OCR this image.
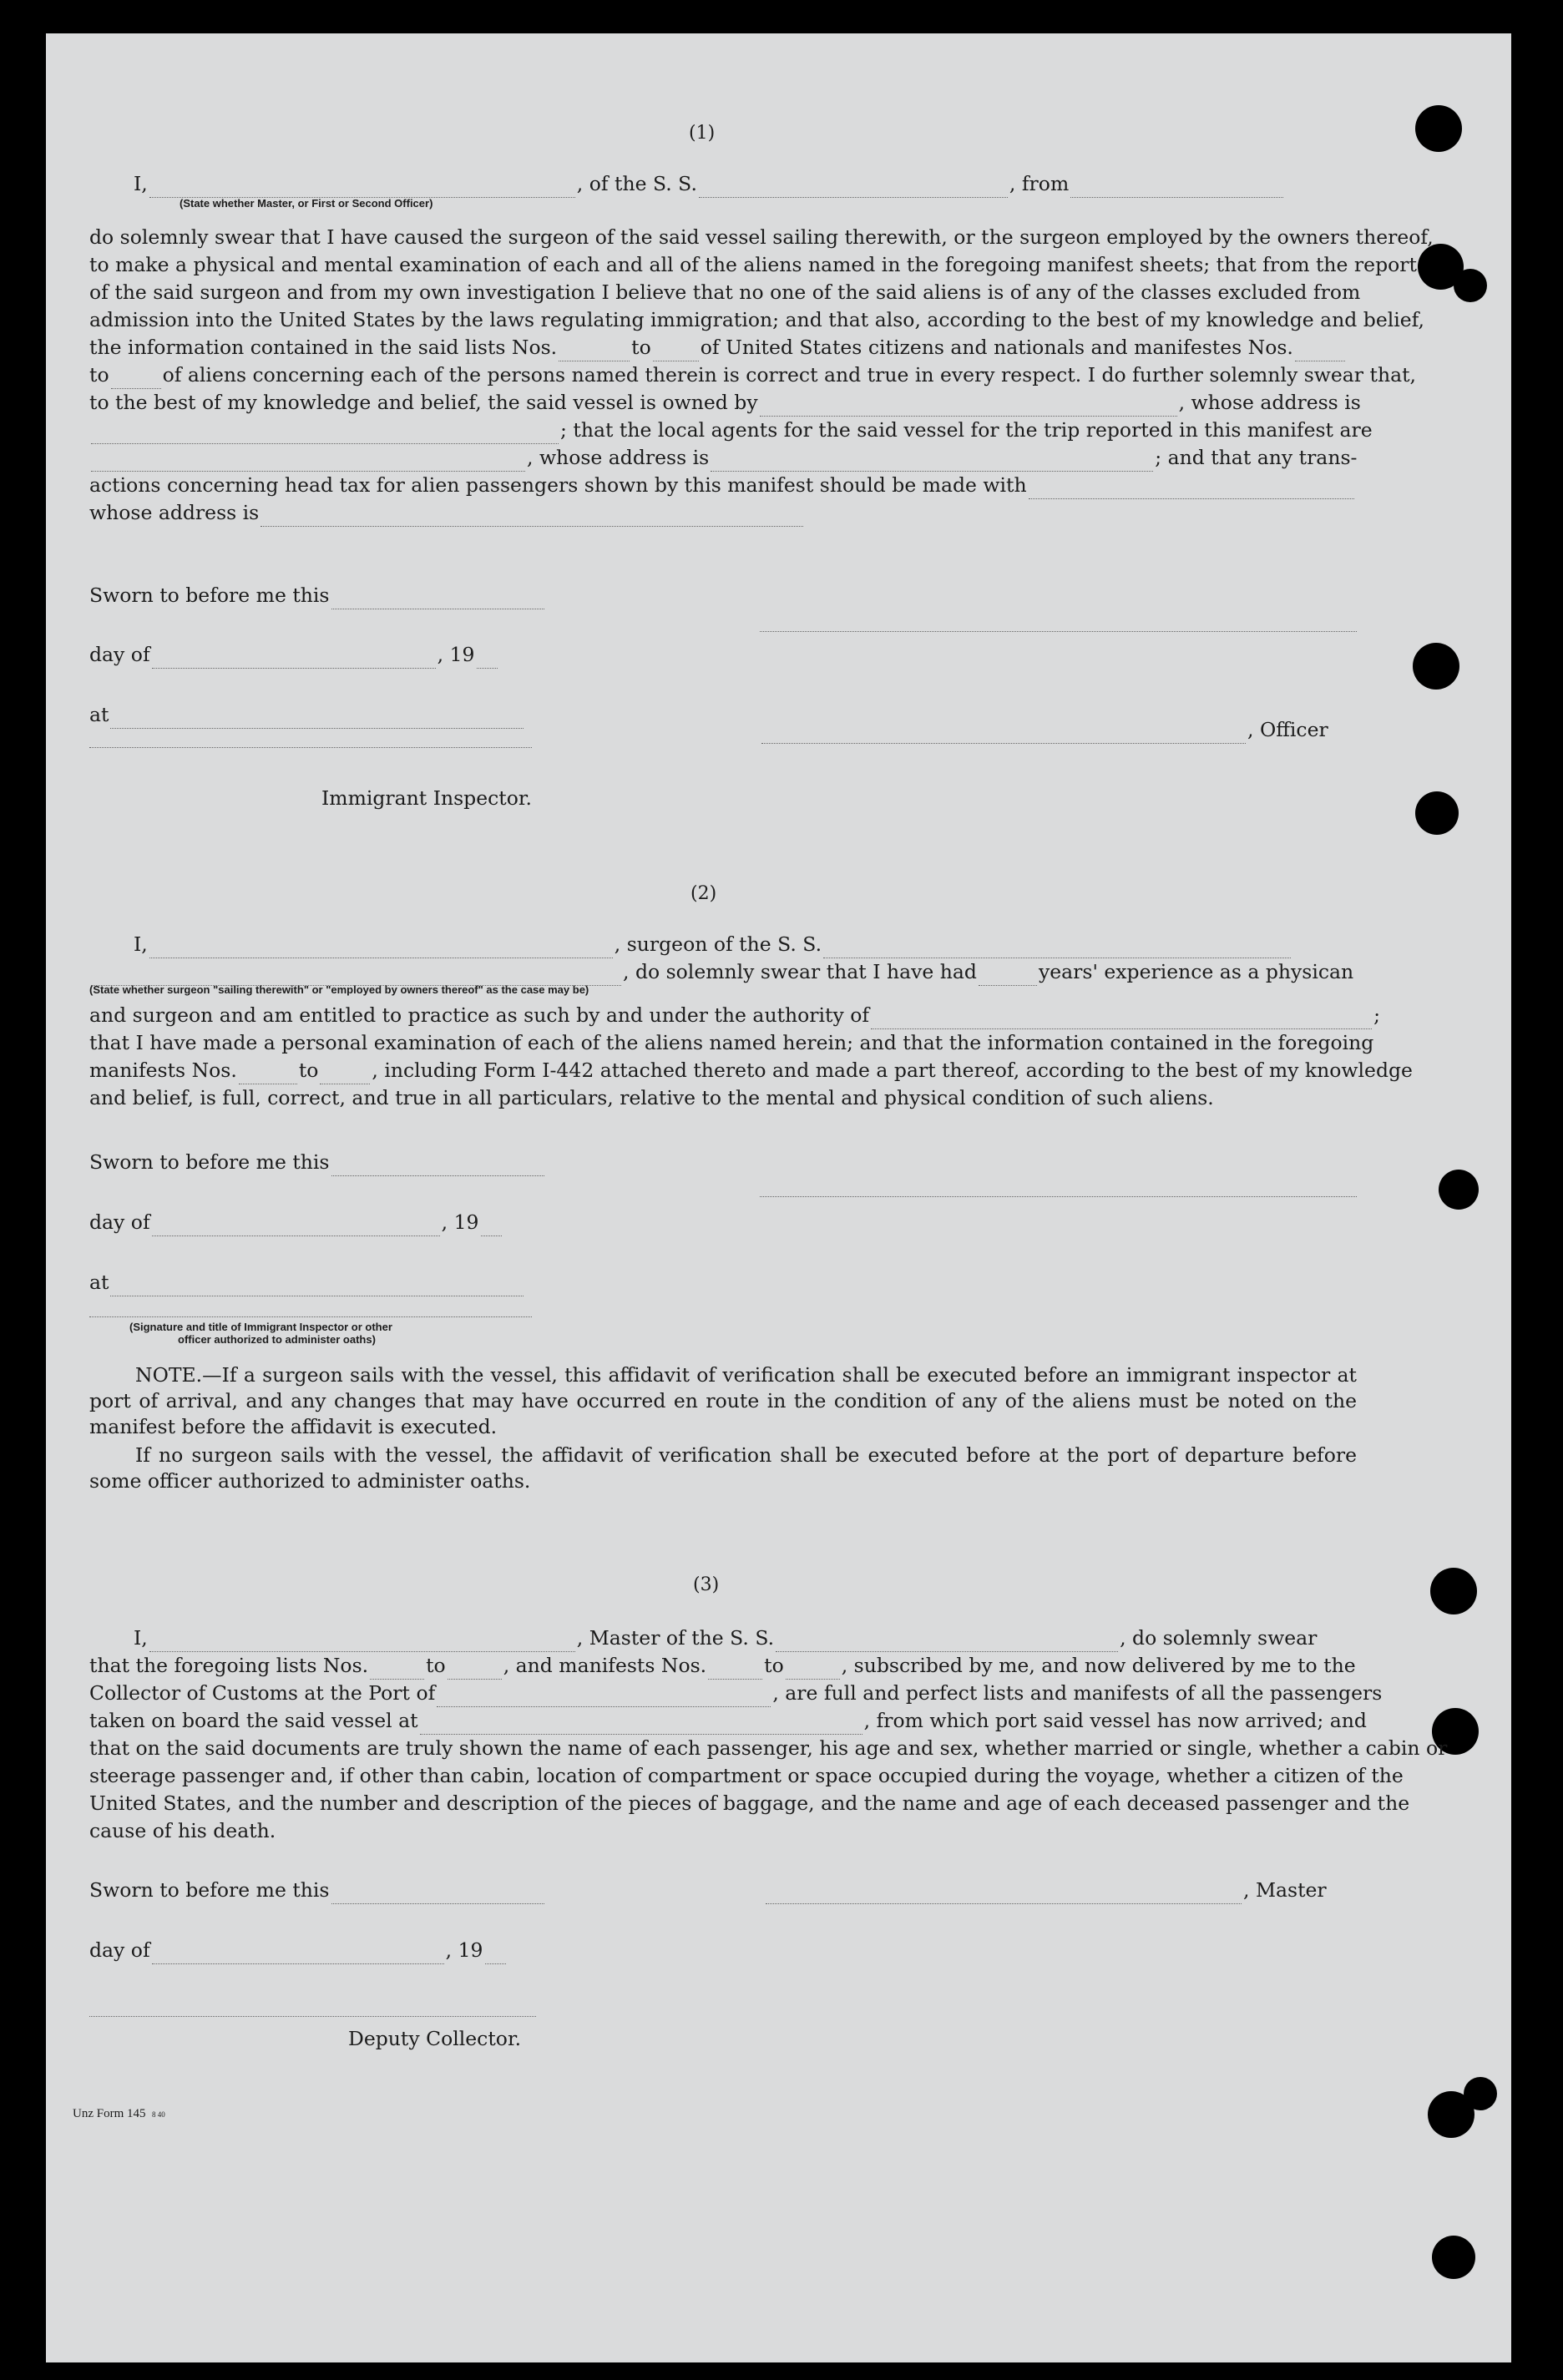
(1)
I,	, of the S. S.	, from
(State whether Master, or First or Second Officer)
do solemnly swear that I have caused the surgeon of the said vessel sailing therewith, or the surgeon employed by the owners thereof,
to make a physical and mental examination of each and all of the aliens named in the foregoing manifest sheets; that from the report
of the said surgeon and from my own investigation I believe that no one of the said aliens is of any of the classes excluded from
admission into the United States by the laws regulating immigration; and that also, according to the best of my knowledge and belief,
the information contained in the said lists Nos.	to	of United States citizens and nationals and manifestes Nos.
to	of aliens concerning each of the persons named therein is correct and true in every respect. I do further solemnly swear that,
to the best of my knowledge and belief, the said vessel is owned by	, whose address is
; that the local agents for the said vessel for the trip reported in this manifest are
, whose address is	; and that any trans-
actions concerning head tax for alien passengers shown by this manifest should be made with
whose address is
Sworn to before me this
day of	, 19
at
, Officer
Immigrant Inspector.
(2)
I,	, surgeon of the S. S.
, do solemnly swear that I have had	years' experience as a physican
(State whether surgeon "sailing therewith" or "employed by owners thereof" as the case may be)
and surgeon and am entitled to practice as such by and under the authority of	;
that I have made a personal examination of each of the aliens named herein; and that the information contained in the foregoing
manifests Nos.	to	, including Form I-442 attached thereto and made a part thereof, according to the best of my knowledge
and belief, is full, correct, and true in all particulars, relative to the mental and physical condition of such aliens.
Sworn to before me this
day of	, 19
at
(Signature and title of Immigrant Inspector or other
officer authorized to administer oaths)
NOTE.—If a surgeon sails with the vessel, this affidavit of verification shall be executed before an immigrant inspector at port of arrival, and any changes that may have occurred en route in the condition of any of the aliens must be noted on the manifest before the affidavit is executed.
If no surgeon sails with the vessel, the affidavit of verification shall be executed before at the port of departure before some officer authorized to administer oaths.
(3)
I,	, Master of the S. S.	, do solemnly swear
that the foregoing lists Nos.	to	, and manifests Nos.	to	, subscribed by me, and now delivered by me to the
Collector of Customs at the Port of	, are full and perfect lists and manifests of all the passengers
taken on board the said vessel at	, from which port said vessel has now arrived; and
that on the said documents are truly shown the name of each passenger, his age and sex, whether married or single, whether a cabin or
steerage passenger and, if other than cabin, location of compartment or space occupied during the voyage, whether a citizen of the
United States, and the number and description of the pieces of baggage, and the name and age of each deceased passenger and the
cause of his death.
Sworn to before me this	, Master
day of	, 19
Deputy Collector.
Unz Form 145 8 40
